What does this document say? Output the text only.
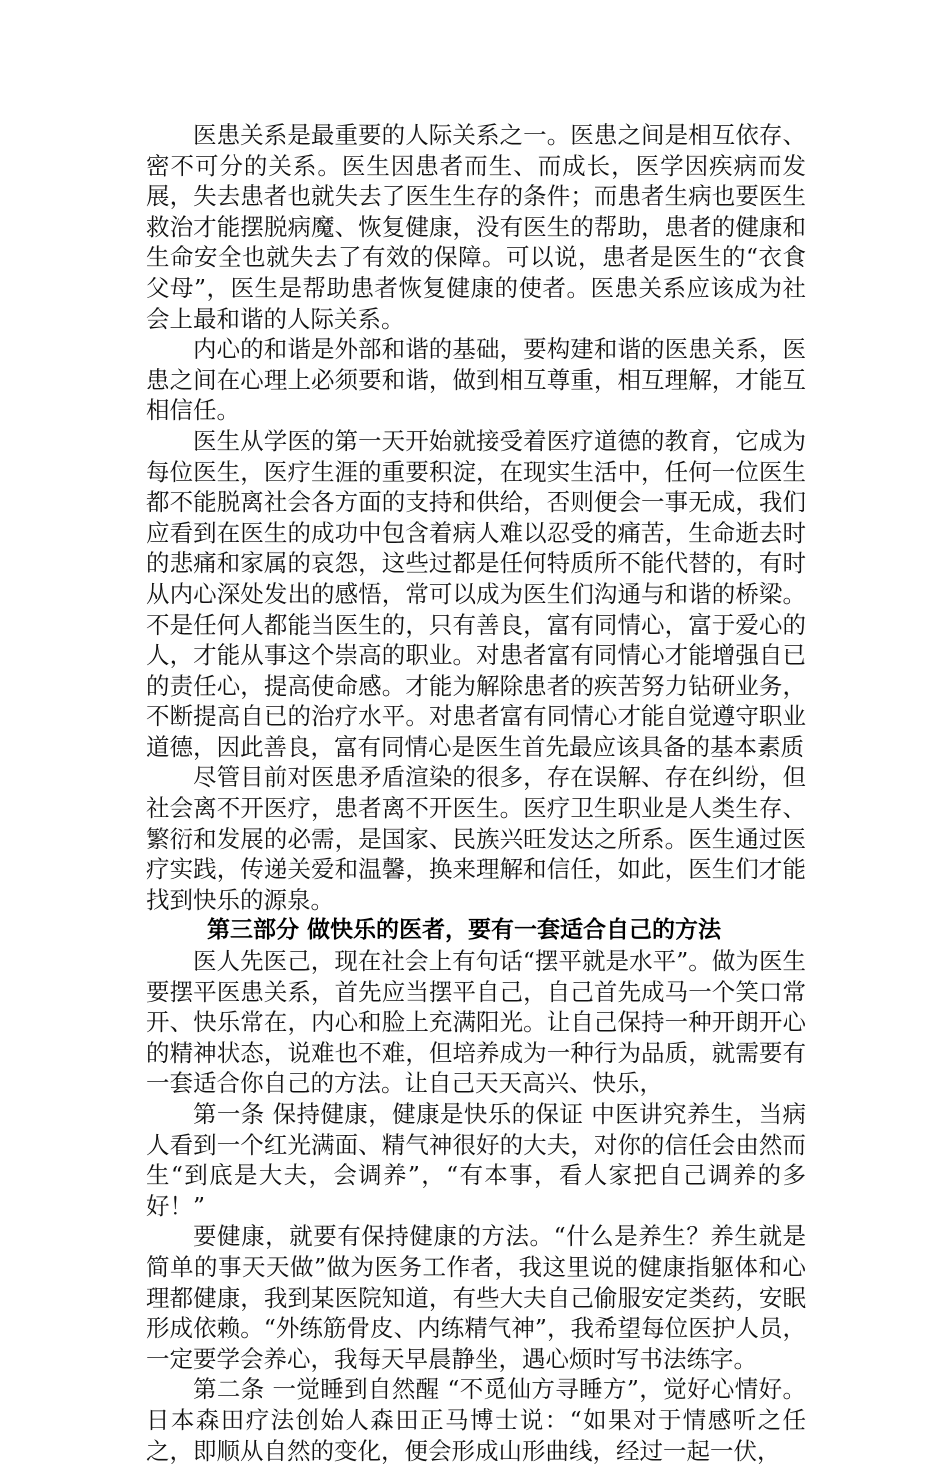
医患关系是最重要的人际关系之一。医患之间是相互依存、密不可分的关系。医生因患者而生、而成长，医学因疾病而发展，失去患者也就失去了医生生存的条件；而患者生病也要医生救治才能摆脱病魔、恢复健康，没有医生的帮助，患者的健康和生命安全也就失去了有效的保障。可以说，患者是医生的“衣食父母”，医生是帮助患者恢复健康的使者。医患关系应该成为社会上最和谐的人际关系。

内心的和谐是外部和谐的基础，要构建和谐的医患关系，医患之间在心理上必须要和谐，做到相互尊重，相互理解，才能互相信任。

医生从学医的第一天开始就接受着医疗道德的教育，它成为每位医生，医疗生涯的重要积淀，在现实生活中，任何一位医生都不能脱离社会各方面的支持和供给，否则便会一事无成，我们应看到在医生的成功中包含着病人难以忍受的痛苦，生命逝去时的悲痛和家属的哀怨，这些过都是任何特质所不能代替的，有时从内心深处发出的感悟，常可以成为医生们沟通与和谐的桥梁。不是任何人都能当医生的，只有善良，富有同情心，富于爱心的人，才能从事这个崇高的职业。对患者富有同情心才能增强自已的责任心，提高使命感。才能为解除患者的疾苦努力钻研业务，不断提高自已的治疗水平。对患者富有同情心才能自觉遵守职业道德，因此善良，富有同情心是医生首先最应该具备的基本素质

尽管目前对医患矛盾渲染的很多，存在误解、存在纠纷，但社会离不开医疗，患者离不开医生。医疗卫生职业是人类生存、繁衍和发展的必需，是国家、民族兴旺发达之所系。医生通过医疗实践，传递关爱和温馨，换来理解和信任，如此，医生们才能找到快乐的源泉。

第三部分 做快乐的医者，要有一套适合自己的方法

医人先医己，现在社会上有句话“摆平就是水平”。做为医生要摆平医患关系，首先应当摆平自己，自己首先成马一个笑口常开、快乐常在，内心和脸上充满阳光。让自己保持一种开朗开心的精神状态，说难也不难，但培养成为一种行为品质，就需要有一套适合你自己的方法。让自己天天高兴、快乐，

第一条 保持健康，健康是快乐的保证 中医讲究养生，当病人看到一个红光满面、精气神很好的大夫，对你的信任会由然而生“到底是大夫，会调养”，“有本事，看人家把自己调养的多好！”

要健康，就要有保持健康的方法。“什么是养生？养生就是简单的事天天做”做为医务工作者，我这里说的健康指躯体和心理都健康，我到某医院知道，有些大夫自己偷服安定类药，安眠形成依赖。“外练筋骨皮、内练精气神”，我希望每位医护人员，一定要学会养心，我每天早晨静坐，遇心烦时写书法练字。

第二条 一觉睡到自然醒 “不觅仙方寻睡方”，觉好心情好。日本森田疗法创始人森田正马博士说：“如果对于情感听之任之，即顺从自然的变化，便会形成山形曲线，经过一起一伏，
